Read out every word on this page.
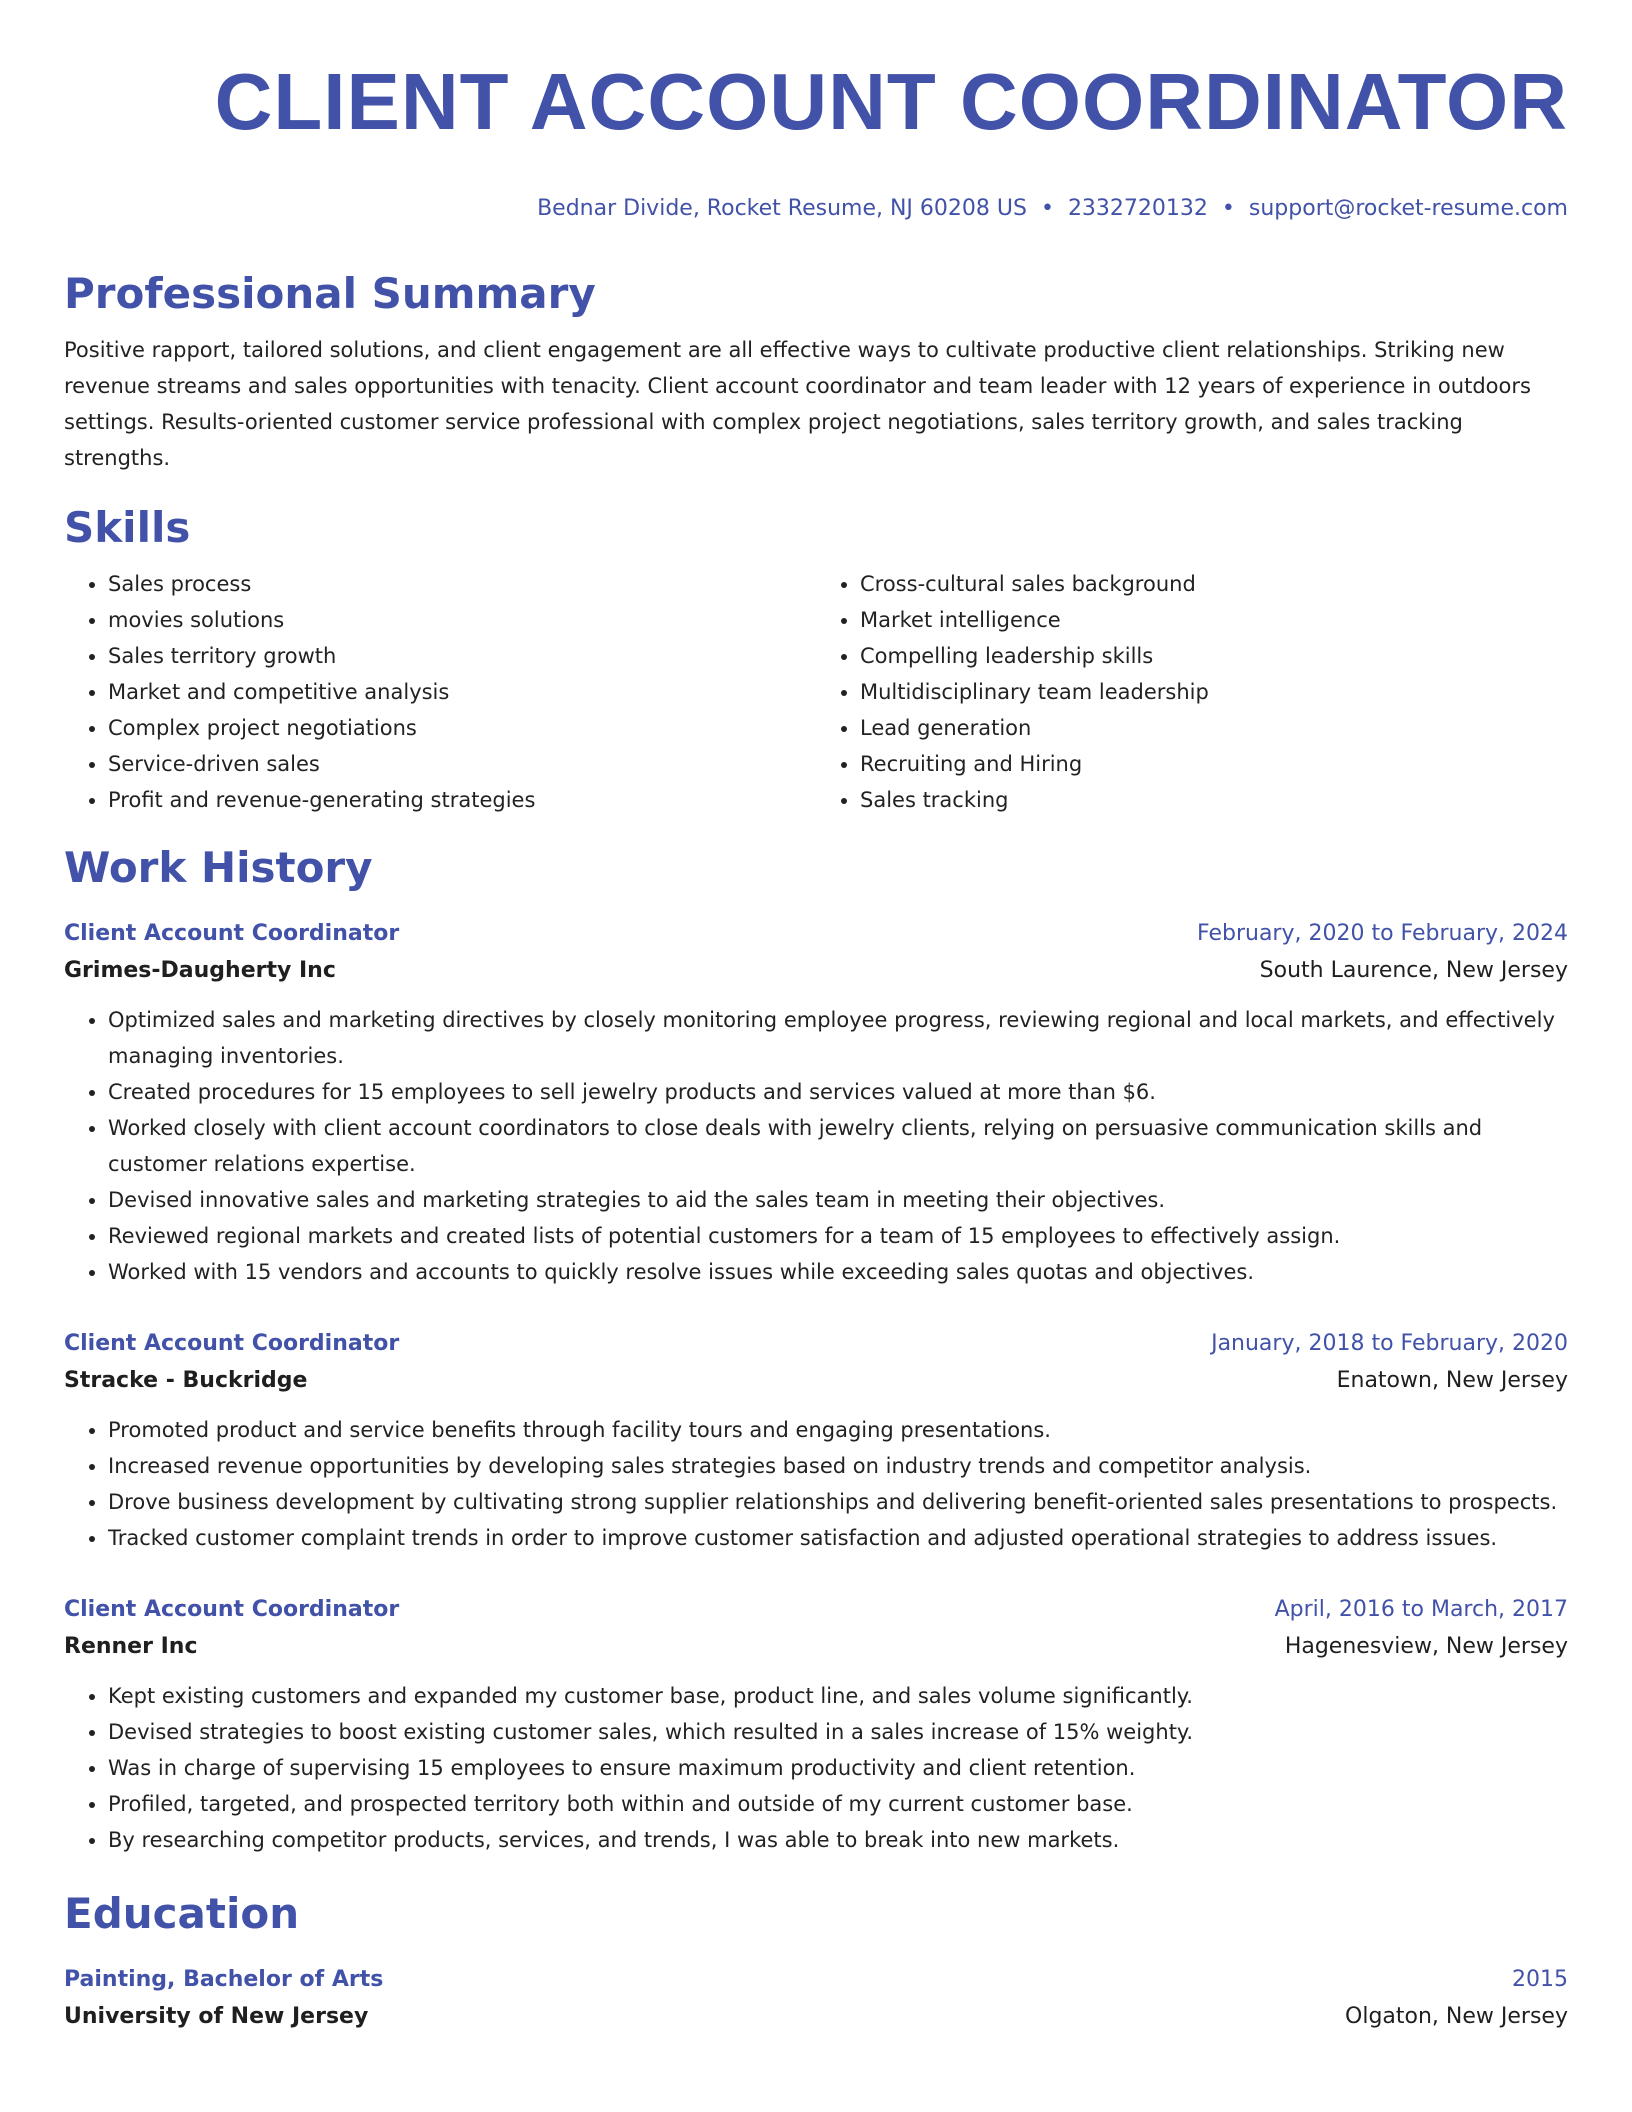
CLIENT ACCOUNT COORDINATOR
Bednar Divide, Rocket Resume, NJ 60208 US • 2332720132 • support@rocket-resume.com
Professional Summary
Positive rapport, tailored solutions, and client engagement are all effective ways to cultivate productive client relationships. Striking new revenue streams and sales opportunities with tenacity. Client account coordinator and team leader with 12 years of experience in outdoors settings. Results-oriented customer service professional with complex project negotiations, sales territory growth, and sales tracking strengths.
Skills
• Sales process
• movies solutions
• Sales territory growth
• Market and competitive analysis
• Complex project negotiations
• Service-driven sales
• Profit and revenue-generating strategies
• Cross-cultural sales background
• Market intelligence
• Compelling leadership skills
• Multidisciplinary team leadership
• Lead generation
• Recruiting and Hiring
• Sales tracking
Work History
Client Account Coordinator	February, 2020 to February, 2024
Grimes-Daugherty Inc	South Laurence, New Jersey
• Optimized sales and marketing directives by closely monitoring employee progress, reviewing regional and local markets, and effectively managing inventories.
• Created procedures for 15 employees to sell jewelry products and services valued at more than $6.
• Worked closely with client account coordinators to close deals with jewelry clients, relying on persuasive communication skills and customer relations expertise.
• Devised innovative sales and marketing strategies to aid the sales team in meeting their objectives.
• Reviewed regional markets and created lists of potential customers for a team of 15 employees to effectively assign.
• Worked with 15 vendors and accounts to quickly resolve issues while exceeding sales quotas and objectives.
Client Account Coordinator	January, 2018 to February, 2020
Stracke - Buckridge	Enatown, New Jersey
• Promoted product and service benefits through facility tours and engaging presentations.
• Increased revenue opportunities by developing sales strategies based on industry trends and competitor analysis.
• Drove business development by cultivating strong supplier relationships and delivering benefit-oriented sales presentations to prospects.
• Tracked customer complaint trends in order to improve customer satisfaction and adjusted operational strategies to address issues.
Client Account Coordinator	April, 2016 to March, 2017
Renner Inc	Hagenesview, New Jersey
• Kept existing customers and expanded my customer base, product line, and sales volume significantly.
• Devised strategies to boost existing customer sales, which resulted in a sales increase of 15% weighty.
• Was in charge of supervising 15 employees to ensure maximum productivity and client retention.
• Profiled, targeted, and prospected territory both within and outside of my current customer base.
• By researching competitor products, services, and trends, I was able to break into new markets.
Education
Painting, Bachelor of Arts	2015
University of New Jersey	Olgaton, New Jersey
